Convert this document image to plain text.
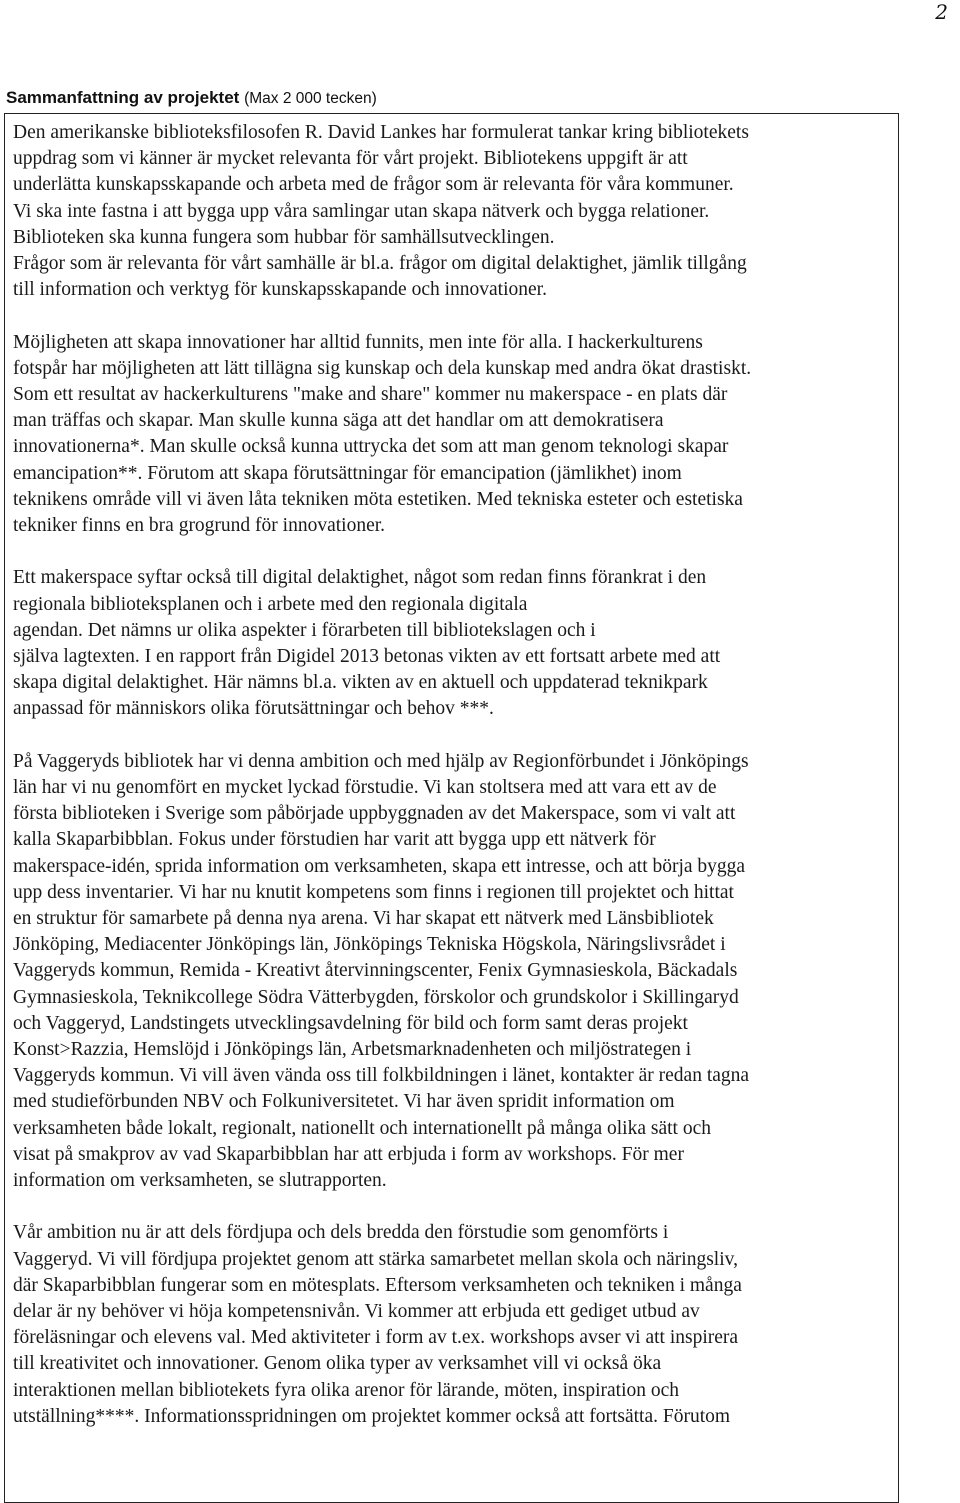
2
Sammanfattning av projektet (Max 2 000 tecken)
Den amerikanske biblioteksfilosofen R. David Lankes har formulerat tankar kring bibliotekets
uppdrag som vi känner är mycket relevanta för vårt projekt. Bibliotekens uppgift är att
underlätta kunskapsskapande och arbeta med de frågor som är relevanta för våra kommuner.
Vi ska inte fastna i att bygga upp våra samlingar utan skapa nätverk och bygga relationer.
Biblioteken ska kunna fungera som hubbar för samhällsutvecklingen.
Frågor som är relevanta för vårt samhälle är bl.a. frågor om digital delaktighet, jämlik tillgång
till information och verktyg för kunskapsskapande och innovationer.
Möjligheten att skapa innovationer har alltid funnits, men inte för alla. I hackerkulturens
fotspår har möjligheten att lätt tillägna sig kunskap och dela kunskap med andra ökat drastiskt.
Som ett resultat av hackerkulturens "make and share" kommer nu makerspace - en plats där
man träffas och skapar. Man skulle kunna säga att det handlar om att demokratisera
innovationerna*. Man skulle också kunna uttrycka det som att man genom teknologi skapar
emancipation**. Förutom att skapa förutsättningar för emancipation (jämlikhet) inom
teknikens område vill vi även låta tekniken möta estetiken. Med tekniska esteter och estetiska
tekniker finns en bra grogrund för innovationer.
Ett makerspace syftar också till digital delaktighet, något som redan finns förankrat i den
regionala biblioteksplanen och i arbete med den regionala digitala
agendan. Det nämns ur olika aspekter i förarbeten till bibliotekslagen och i
själva lagtexten. I en rapport från Digidel 2013 betonas vikten av ett fortsatt arbete med att
skapa digital delaktighet. Här nämns bl.a. vikten av en aktuell och uppdaterad teknikpark
anpassad för människors olika förutsättningar och behov ***.
På Vaggeryds bibliotek har vi denna ambition och med hjälp av Regionförbundet i Jönköpings
län har vi nu genomfört en mycket lyckad förstudie. Vi kan stoltsera med att vara ett av de
första biblioteken i Sverige som påbörjade uppbyggnaden av det Makerspace, som vi valt att
kalla Skaparbibblan. Fokus under förstudien har varit att bygga upp ett nätverk för
makerspace-idén, sprida information om verksamheten, skapa ett intresse, och att börja bygga
upp dess inventarier. Vi har nu knutit kompetens som finns i regionen till projektet och hittat
en struktur för samarbete på denna nya arena. Vi har skapat ett nätverk med Länsbibliotek
Jönköping, Mediacenter Jönköpings län, Jönköpings Tekniska Högskola, Näringslivsrådet i
Vaggeryds kommun, Remida - Kreativt återvinningscenter, Fenix Gymnasieskola, Bäckadals
Gymnasieskola, Teknikcollege Södra Vätterbygden, förskolor och grundskolor i Skillingaryd
och Vaggeryd, Landstingets utvecklingsavdelning för bild och form samt deras projekt
Konst>Razzia, Hemslöjd i Jönköpings län, Arbetsmarknadenheten och miljöstrategen i
Vaggeryds kommun. Vi vill även vända oss till folkbildningen i länet, kontakter är redan tagna
med studieförbunden NBV och Folkuniversitetet. Vi har även spridit information om
verksamheten både lokalt, regionalt, nationellt och internationellt på många olika sätt och
visat på smakprov av vad Skaparbibblan har att erbjuda i form av workshops. För mer
information om verksamheten, se slutrapporten.
Vår ambition nu är att dels fördjupa och dels bredda den förstudie som genomförts i
Vaggeryd. Vi vill fördjupa projektet genom att stärka samarbetet mellan skola och näringsliv,
där Skaparbibblan fungerar som en mötesplats. Eftersom verksamheten och tekniken i många
delar är ny behöver vi höja kompetensnivån. Vi kommer att erbjuda ett gediget utbud av
föreläsningar och elevens val. Med aktiviteter i form av t.ex. workshops avser vi att inspirera
till kreativitet och innovationer. Genom olika typer av verksamhet vill vi också öka
interaktionen mellan bibliotekets fyra olika arenor för lärande, möten, inspiration och
utställning****. Informationsspridningen om projektet kommer också att fortsätta. Förutom
